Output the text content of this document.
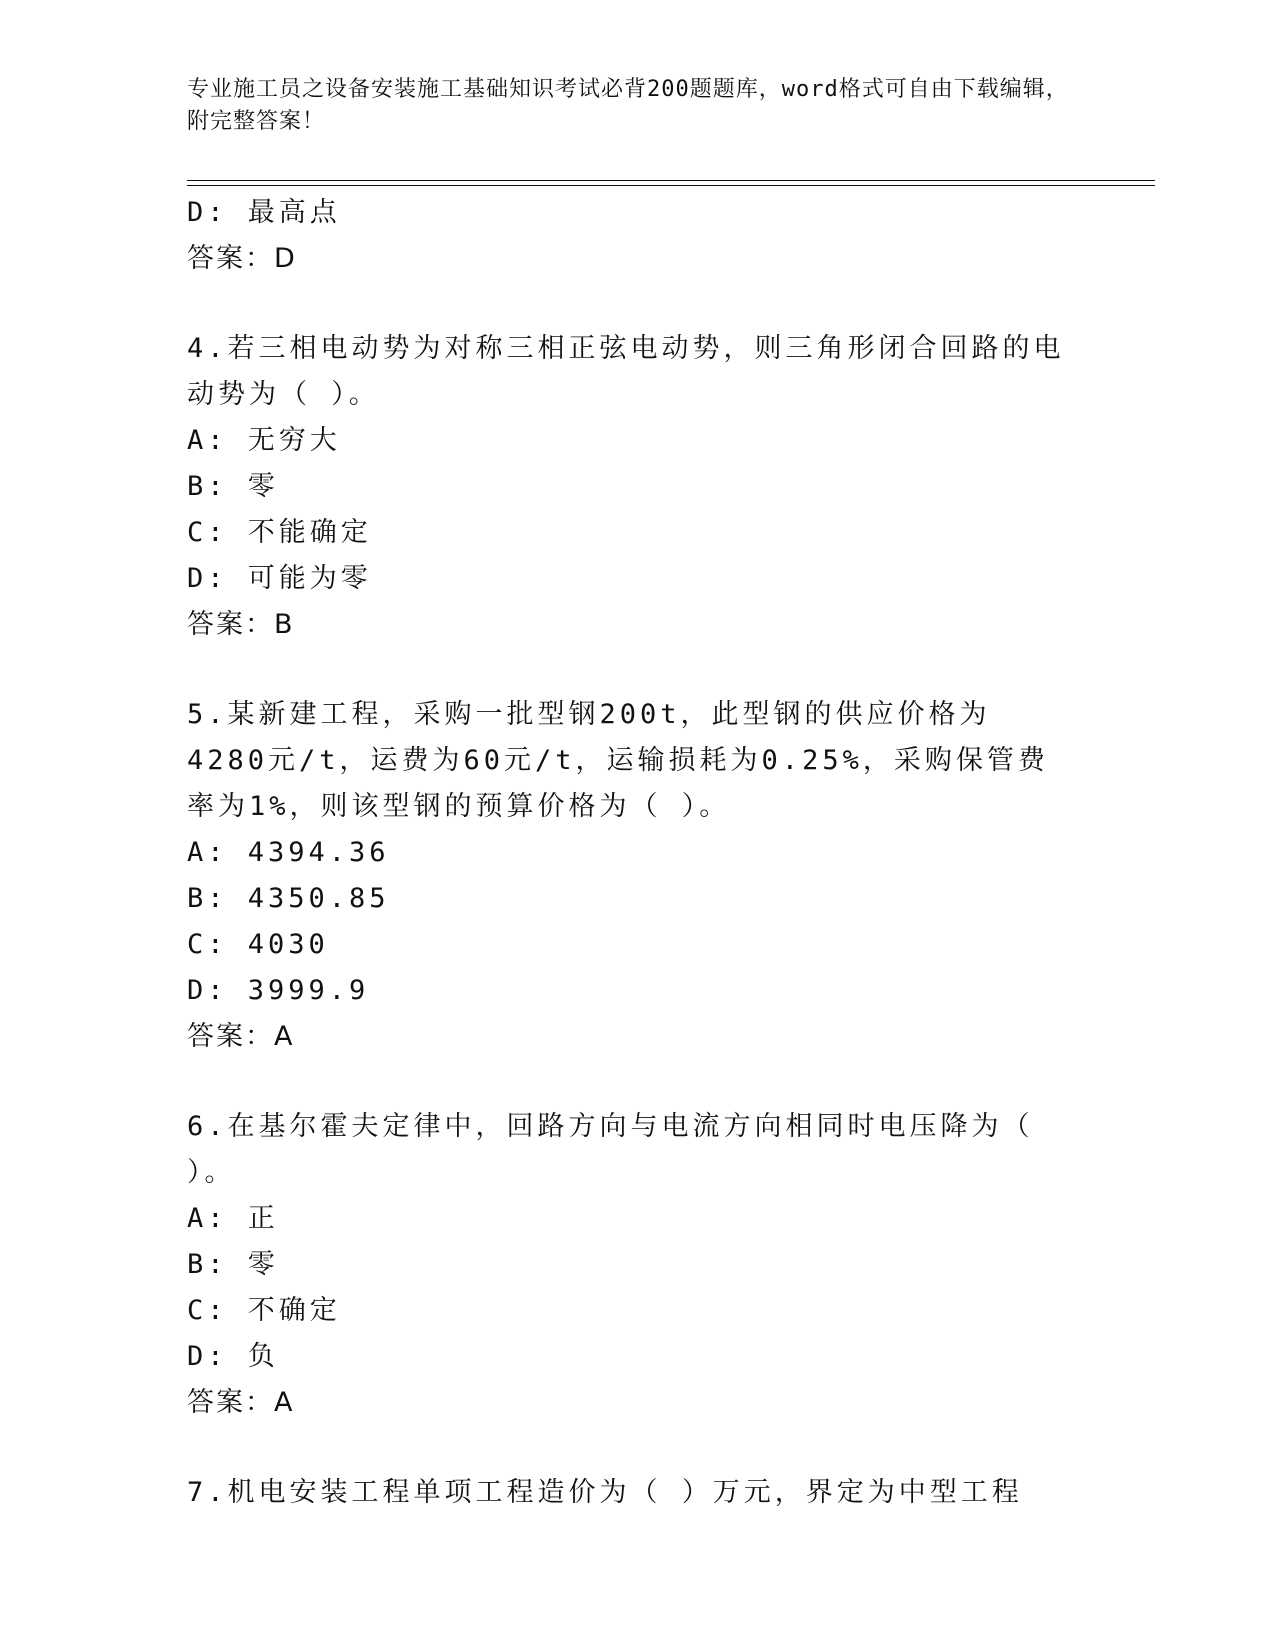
专业施工员之设备安装施工基础知识考试必背200题题库，word格式可自由下载编辑，附完整答案！
D: 最高点
答案：D
4.若三相电动势为对称三相正弦电动势，则三角形闭合回路的电动势为（ ）。
A: 无穷大
B: 零
C: 不能确定
D: 可能为零
答案：B
5.某新建工程，采购一批型钢200t，此型钢的供应价格为4280元/t，运费为60元/t，运输损耗为0.25%，采购保管费率为1%，则该型钢的预算价格为（ ）。
A: 4394.36
B: 4350.85
C: 4030
D: 3999.9
答案：A
6.在基尔霍夫定律中，回路方向与电流方向相同时电压降为（ ）。
A: 正
B: 零
C: 不确定
D: 负
答案：A
7.机电安装工程单项工程造价为（ ）万元，界定为中型工程
